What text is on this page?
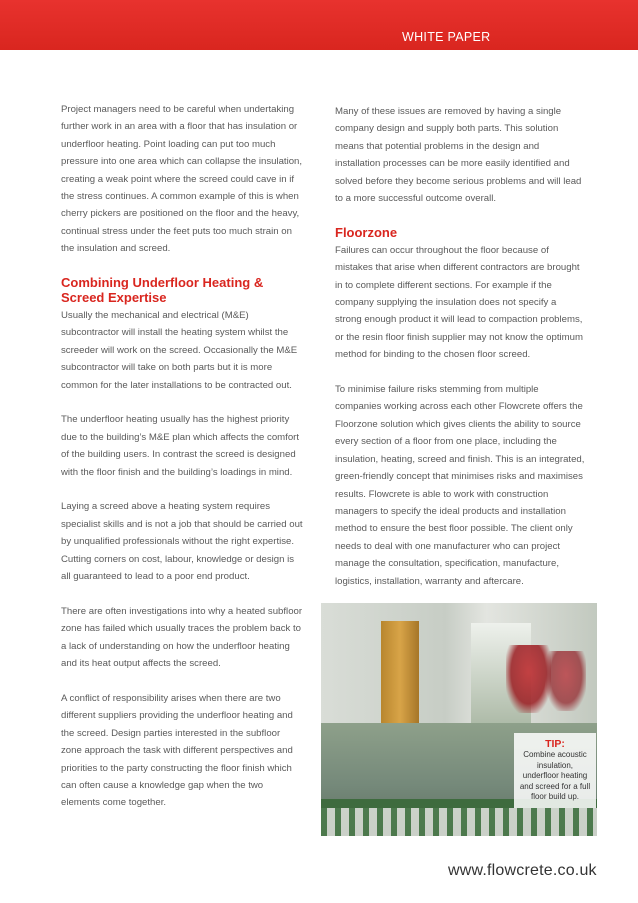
WHITE PAPER

Project managers need to be careful when undertaking further work in an area with a floor that has insulation or underfloor heating. Point loading can put too much pressure into one area which can collapse the insulation, creating a weak point where the screed could cave in if the stress continues. A common example of this is when cherry pickers are positioned on the floor and the heavy, continual stress under the feet puts too much strain on the insulation and screed.

Combining Underfloor Heating & Screed Expertise

Usually the mechanical and electrical (M&E) subcontractor will install the heating system whilst the screeder will work on the screed. Occasionally the M&E subcontractor will take on both parts but it is more common for the later installations to be contracted out.

The underfloor heating usually has the highest priority due to the building’s M&E plan which affects the comfort of the building users. In contrast the screed is designed with the floor finish and the building’s loadings in mind.

Laying a screed above a heating system requires specialist skills and is not a job that should be carried out by unqualified professionals without the right expertise. Cutting corners on cost, labour, knowledge or design is all guaranteed to lead to a poor end product.

There are often investigations into why a heated subfloor zone has failed which usually traces the problem back to a lack of understanding on how the underfloor heating and its heat output affects the screed.

A conflict of responsibility arises when there are two different suppliers providing the underfloor heating and the screed. Design parties interested in the subfloor zone approach the task with different perspectives and priorities to the party constructing the floor finish which can often cause a knowledge gap when the two elements come together.

Many of these issues are removed by having a single company design and supply both parts. This solution means that potential problems in the design and installation processes can be more easily identified and solved before they become serious problems and will lead to a more successful outcome overall.

Floorzone

Failures can occur throughout the floor because of mistakes that arise when different contractors are brought in to complete different sections. For example if the company supplying the insulation does not specify a strong enough product it will lead to compaction problems, or the resin floor finish supplier may not know the optimum method for binding to the chosen floor screed.

To minimise failure risks stemming from multiple companies working across each other Flowcrete offers the Floorzone solution which gives clients the ability to source every section of a floor from one place, including the insulation, heating, screed and finish. This is an integrated, green-friendly concept that minimises risks and maximises results. Flowcrete is able to work with construction managers to specify the ideal products and installation method to ensure the best floor possible. The client only needs to deal with one manufacturer who can project manage the consultation, specification, manufacture, logistics, installation, warranty and aftercare.

TIP:
Combine acoustic insulation, underfloor heating and screed for a full floor build up.
www.flowcrete.co.uk
